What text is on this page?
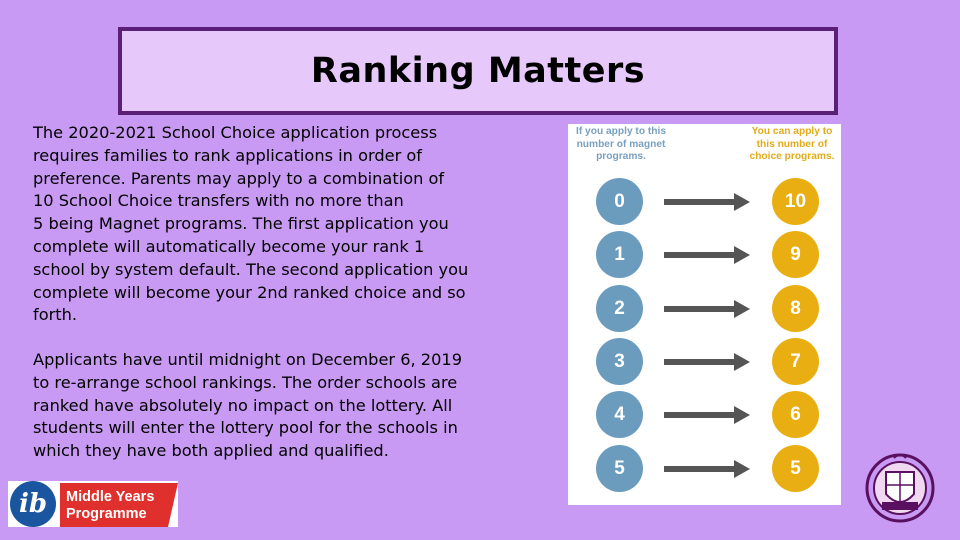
Ranking Matters

The 2020-2021 School Choice application process
requires families to rank applications in order of
preference. Parents may apply to a combination of
10 School Choice transfers with no more than
5 being Magnet programs. The first application you
complete will automatically become your rank 1
school by system default. The second application you
complete will become your 2nd ranked choice and so
forth.

Applicants have until midnight on December 6, 2019
to re-arrange school rankings. The order schools are
ranked have absolutely no impact on the lottery. All
students will enter the lottery pool for the schools in
which they have both applied and qualified.

If you apply to this
number of magnet
programs.
You can apply to
this number of
choice programs.
0	10
1	9
2	8
3	7
4	6
5	5
ib Middle Years
Programme
